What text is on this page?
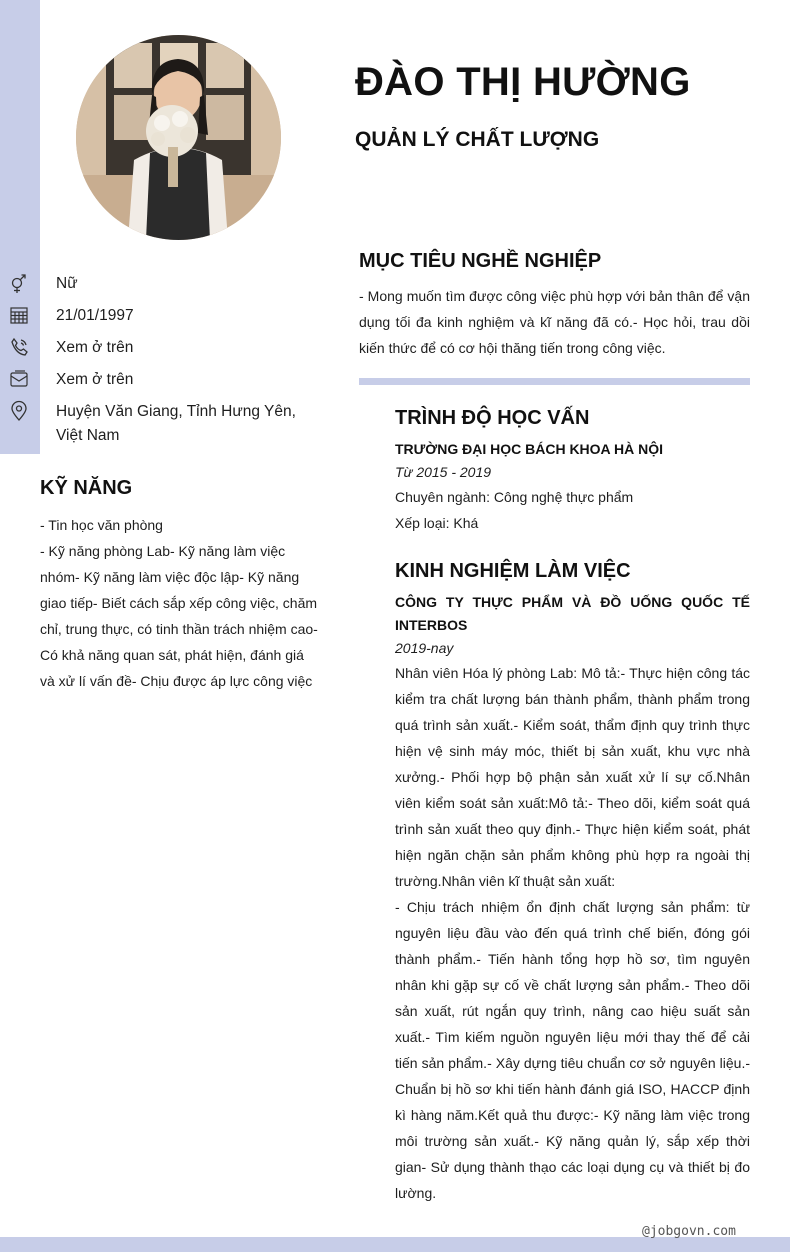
ĐÀO THỊ HƯỜNG
QUẢN LÝ CHẤT LƯỢNG
Nữ
21/01/1997
Xem ở trên
Xem ở trên
Huyện Văn Giang, Tỉnh Hưng Yên, Việt Nam
KỸ NĂNG

- Tin học văn phòng

- Kỹ năng phòng Lab- Kỹ năng làm việc nhóm- Kỹ năng làm việc độc lập- Kỹ năng giao tiếp- Biết cách sắp xếp công việc, chăm chỉ, trung thực, có tinh thần trách nhiệm cao- Có khả năng quan sát, phát hiện, đánh giá và xử lí vấn đề- Chịu được áp lực công việc

MỤC TIÊU NGHỀ NGHIỆP

- Mong muốn tìm được công việc phù hợp với bản thân để vận dụng tối đa kinh nghiệm và kĩ năng đã có.- Học hỏi, trau dồi kiến thức để có cơ hội thăng tiến trong công việc.

TRÌNH ĐỘ HỌC VẤN

TRƯỜNG ĐẠI HỌC BÁCH KHOA HÀ NỘI

Từ 2015 - 2019

Chuyên ngành: Công nghệ thực phẩm

Xếp loại: Khá

KINH NGHIỆM LÀM VIỆC

CÔNG TY THỰC PHẨM VÀ ĐỒ UỐNG QUỐC TẾ INTERBOS

2019-nay

Nhân viên Hóa lý phòng Lab: Mô tả:- Thực hiện công tác kiểm tra chất lượng bán thành phẩm, thành phẩm trong quá trình sản xuất.- Kiểm soát, thẩm định quy trình thực hiện vệ sinh máy móc, thiết bị sản xuất, khu vực nhà xưởng.- Phối hợp bộ phận sản xuất xử lí sự cố.Nhân viên kiểm soát sản xuất:Mô tả:- Theo dõi, kiểm soát quá trình sản xuất theo quy định.- Thực hiện kiểm soát, phát hiện ngăn chặn sản phẩm không phù hợp ra ngoài thị trường.Nhân viên kĩ thuật sản xuất:

- Chịu trách nhiệm ổn định chất lượng sản phẩm: từ nguyên liệu đầu vào đến quá trình chế biến, đóng gói thành phẩm.- Tiến hành tổng hợp hồ sơ, tìm nguyên nhân khi gặp sự cố về chất lượng sản phẩm.- Theo dõi sản xuất, rút ngắn quy trình, nâng cao hiệu suất sản xuất.- Tìm kiếm nguồn nguyên liệu mới thay thế để cải tiến sản phẩm.- Xây dựng tiêu chuẩn cơ sở nguyên liệu.- Chuẩn bị hồ sơ khi tiến hành đánh giá ISO, HACCP định kì hàng năm.Kết quả thu được:- Kỹ năng làm việc trong môi trường sản xuất.- Kỹ năng quản lý, sắp xếp thời gian- Sử dụng thành thạo các loại dụng cụ và thiết bị đo lường.

@jobgovn.com
